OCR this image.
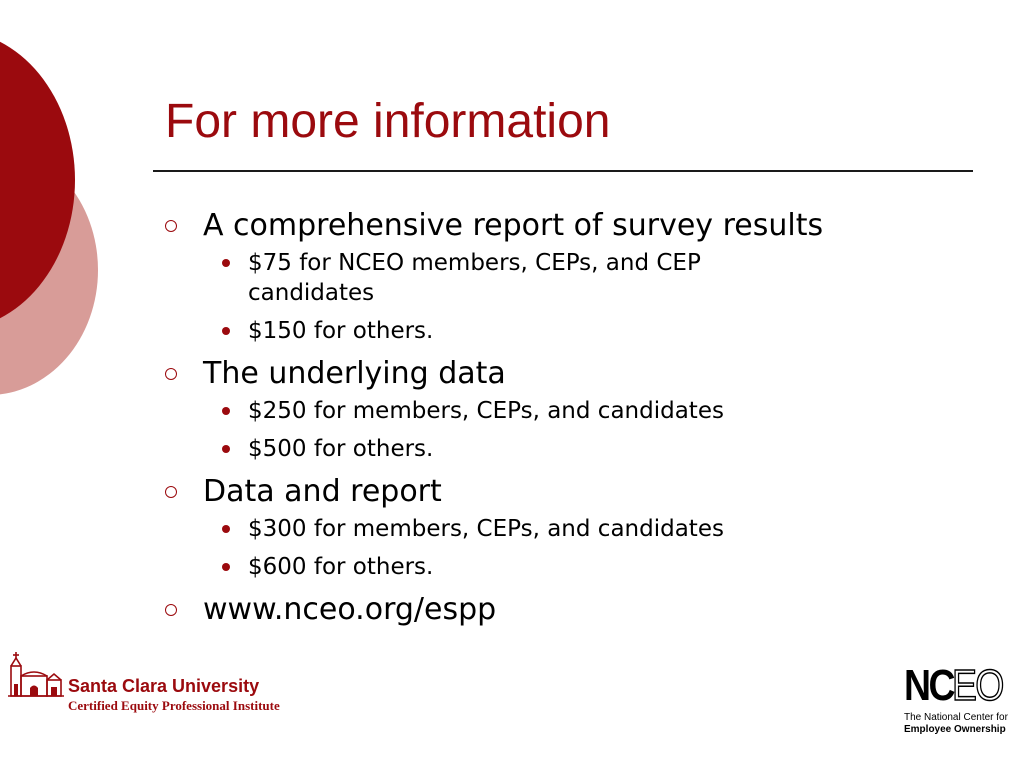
For more information
A comprehensive report of survey results
$75 for NCEO members, CEPs, and CEP candidates
$150 for others.
The underlying data
$250 for members, CEPs, and candidates
$500 for others.
Data and report
$300 for members, CEPs, and candidates
$600 for others.
www.nceo.org/espp
Santa Clara University
Certified Equity Professional Institute	NC
EO
The National Center for
Employee Ownership
